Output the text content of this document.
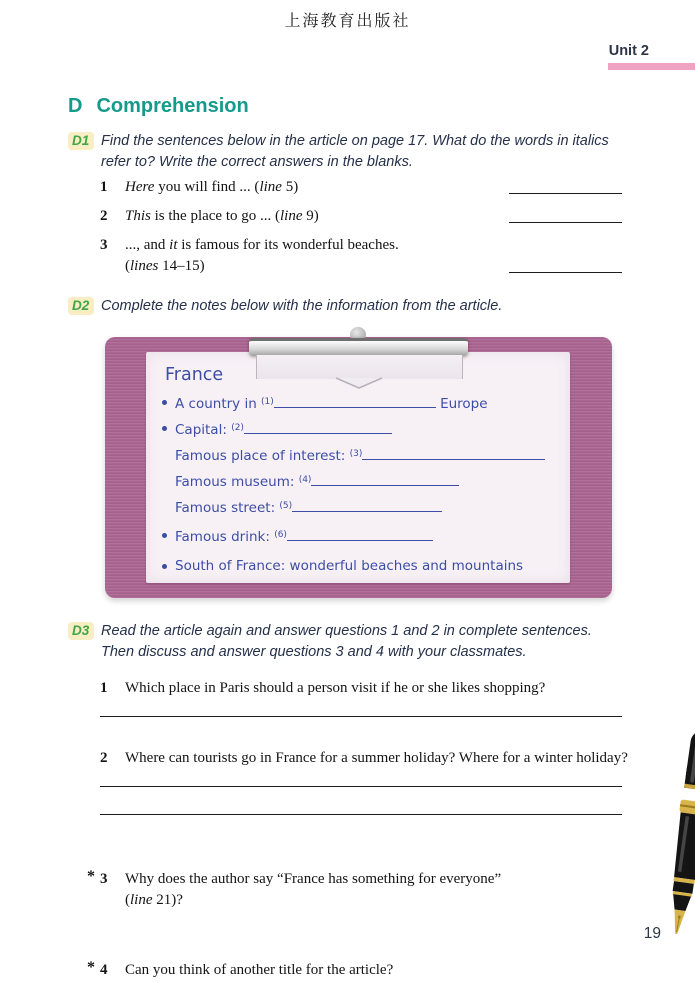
上海教育出版社
Unit 2
D Comprehension
D1 Find the sentences below in the article on page 17. What do the words in italics refer to? Write the correct answers in the blanks.
1 Here you will find ... (line 5)
2 This is the place to go ... (line 9)
3 ..., and it is famous for its wonderful beaches.
(lines 14–15)
D2 Complete the notes below with the information from the article.
France
A country in $^{(1)}$	Europe
Capital: $^{(2)}$
Famous place of interest: $^{(3)}$
Famous museum: $^{(4)}$
Famous street: $^{(5)}$
Famous drink: $^{(6)}$
South of France: wonderful beaches and mountains
D3 Read the article again and answer questions 1 and 2 in complete sentences. Then discuss and answer questions 3 and 4 with your classmates.
1 Which place in Paris should a person visit if he or she likes shopping?
2 Where can tourists go in France for a summer holiday? Where for a winter holiday?
* 3 Why does the author say “France has something for everyone”
(line 21)?
* 4 Can you think of another title for the article?
19
